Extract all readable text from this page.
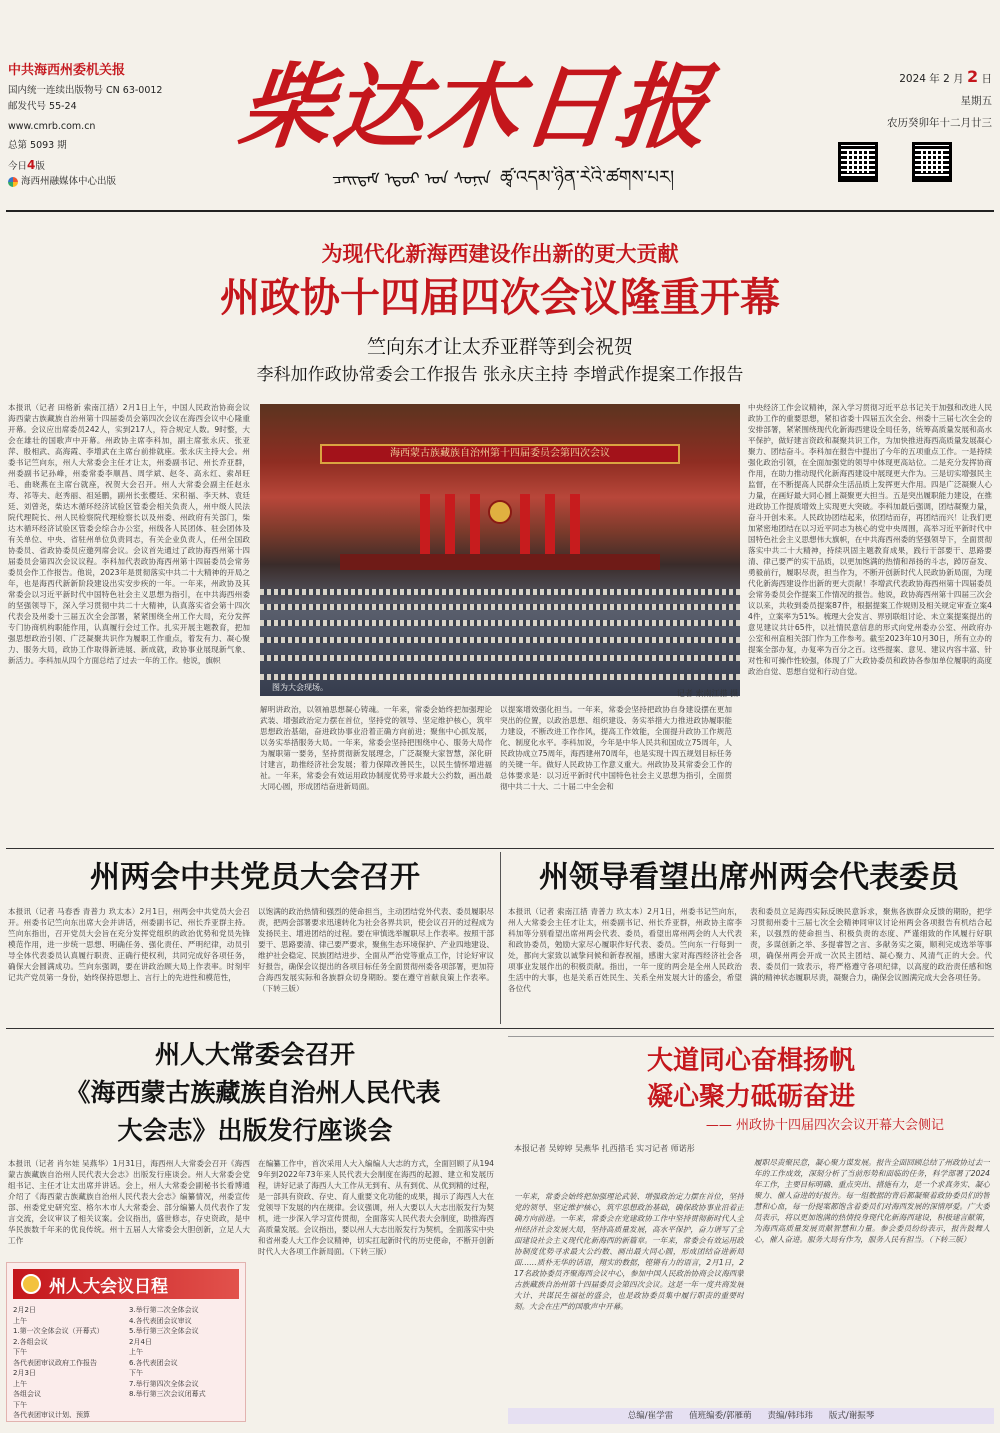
中共海西州委机关报
国内统一连续出版物号 CN 63-0012
邮发代号 55-24
www.cmrb.com.cn
总第 5093 期
今日4版
海西州融媒体中心出版
柴达木日报
ᠴᠠᠢᠳᠠᠮ ᠡᠳᠦᠷ ᠤᠨ ᠰᠣᠨᠢᠨ ཚྭ་འདམ་ཉིན་རེའི་ཚགས་པར།
2024 年 2 月 2 日
星期五
农历癸卯年十二月廿三
为现代化新海西建设作出新的更大贡献
州政协十四届四次会议隆重开幕
竺向东才让太乔亚群等到会祝贺
李科加作政协常委会工作报告 张永庆主持 李增武作提案工作报告
本报讯（记者 田格新 索南江措）2月1日上午，中国人民政治协商会议海西蒙古族藏族自治州第十四届委员会第四次会议在海西会议中心隆重开幕。会议应出席委员242人，实到217人，符合规定人数。9时整，大会在雄壮的国歌声中开幕。州政协主席李科加，副主席张永庆、张亚萍、殷相武、高海霞、李增武在主席台前排就座。张永庆主持大会。州委书记竺向东，州人大常委会主任才让太，州委副书记、州长乔亚群，州委副书记孙峰，州委常委李顺昌、周学斌、赵冬、高永红、索昂旺毛、曲晓燕在主席台就座，祝贺大会召开。州人大常委会副主任赵永寿、祁等夫、赵秀丽、祖延鹏，副州长张樱廷、宋积福、李天林、袁廷廷、刘曾尧，柴达木循环经济试验区管委会相关负责人，州中级人民法院代理院长、州人民检察院代理检察长以及州委、州政府有关部门，柴达木循环经济试验区管委会综合办公室，州级各人民团体、驻会团体及有关单位、中央、省驻州单位负责同志，有关企业负责人，任州全国政协委员、省政协委员应邀列席会议。会议首先通过了政协海西州第十四届委员会第四次会议议程。李科加代表政协海西州第十四届委员会常务委员会作工作报告。他说，2023年是贯彻落实中共二十大精神的开局之年，也是海西代新新阶段建设出实安步疾的一年。一年来，州政协及其常委会以习近平新时代中国特色社会主义思想为指引，在中共海西州委的坚强领导下，深入学习贯彻中共二十大精神，认真落实省会第十四次代表会及州委十三届五次全会部署，紧紧围绕全州工作大局，充分发挥专门协商机构职能作用，认真履行会过工作。扎实开展主题教育，把加强思想政治引领、广泛凝聚共识作为履职工作重点，着发有力、凝心聚力、服务大局，政协工作取得新进展、新成就，政协事业展现新气象、新活力。李科加从四个方面总结了过去一年的工作。他说，旗帜
海西蒙古族藏族自治州第十四届委员会第四次会议
图为大会现场。
记者 索南江措 摄
解明讲政治，以领袖思想凝心铸魂。一年来，常委会始终把加强理论武装、增强政治定力摆在首位，坚持党的领导、坚定维护核心，筑牢思想政治基础，奋进政协事业沿着正确方向前进；聚焦中心抓发展，以务实举措服务大局。一年来，常委会坚持把围绕中心、服务大局作为履职第一要务，坚持贯彻新发展理念，广泛凝聚大家智慧，深化研讨建言，助推经济社会发展；着力保障改善民生，以民生情怀增进福祉。一年来，常委会有效运用政协制度优势寻求最大公约数，画出最大同心圆，形成团结奋进新局面。
以提案增效强化担当。一年来，常委会坚持把政协自身建设摆在更加突出的位置，以政治思想、组织建设、务实举措大力推进政协履职能力建设，不断改进工作作风，提高工作效能，全面提升政协工作规范化、制度化水平。李科加说，今年是中华人民共和国成立75周年，人民政协成立75周年，海西建州70周年，也是实现十四五规划目标任务的关键一年。做好人民政协工作意义重大。州政协及其常委会工作的总体要求是：以习近平新时代中国特色社会主义思想为指引，全面贯彻中共二十大、二十届二中全会和
中央经济工作会议精神，深入学习贯彻习近平总书记关于加强和改进人民政协工作的重要思想，紧扣省委十四届五次全会、州委十三届七次全会的安排部署，紧紧围绕现代化新海西建设全局任务，统筹高质量发展和高水平保护，做好建言资政和凝聚共识工作，为加快推进海西高质量发展凝心聚力、团结奋斗。李科加在报告中提出了今年的五项重点工作。一是持续强化政治引领，在全面加强党的领导中体现更高站位。二是充分发挥协商作用，在助力推动现代化新海西建设中展现更大作为。三是切实增强民主监督，在不断提高人民群众生活品质上发挥更大作用。四是广泛凝聚人心力量，在画好最大同心圆上凝聚更大担当。五是突出履职能力建设，在推进政协工作提质增效上实现更大突破。李科加最后强调，团结凝聚力量，奋斗开创未来。人民政协团结起来，依团结而存，再团结而兴！让我们更加紧密地团结在以习近平同志为核心的党中央周围，高举习近平新时代中国特色社会主义思想伟大旗帜，在中共海西州委的坚强领导下，全面贯彻落实中共二十大精神，持续巩固主题教育成果，践行干部要干、思路要清、律己要严的实干品质，以更加饱满的热情和昂扬的斗志，踔厉奋发、勇毅前行，履职尽责，担当作为，不断开创新时代人民政协新局面，为现代化新海西建设作出新的更大贡献！李增武代表政协海西州第十四届委员会常务委员会作提案工作情况的报告。他说，政协海西州第十四届三次会议以来，共收到委员提案87件，根据提案工作规则及相关规定审查立案44件，立案率为51%。梳理大会发言、界别联组讨论、未立案提案提出的意见建议共计65件，以社情民意信息的形式向党州委办公室、州政府办公室和州直相关部门作为工作参考。截至2023年10月30日，所有立办的提案全部办复，办复率为百分之百。这些提案、意见、建议内容丰富、针对性和可操作性较强，体现了广大政协委员和政协各参加单位履职的高度政治自觉、思想自觉和行动自觉。
州两会中共党员大会召开
本报讯（记者 马春香 青普力 玖太本）2月1日，州两会中共党员大会召开。州委书记竺向东出席大会并讲话，州委副书记、州长乔亚群主持。竺向东指出，召开党员大会旨在充分发挥党组织的政治优势和党员先锋模范作用，进一步统一思想、明确任务、强化责任、严明纪律，动员引导全体代表委员认真履行职责、正确行使权利，共同完成好各项任务，确保大会圆满成功。竺向东强调，要在讲政治顾大局上作表率。时刻牢记共产党员第一身份，始终保持思想上、言行上的先进性和模范性，
以饱满的政治热情和强烈的使命担当，主动团结党外代表、委员履职尽责，把两会部署要求迅速转化为社会各界共识，使会议召开的过程成为发扬民主、增进团结的过程。要在审慎选举履职尽上作表率。按照干部要干、思路要清、律己要严要求，聚焦生态环境保护、产业四地建设、维护社会稳定、民族团结进步、全面从严治党等重点工作，讨论好审议好报告，确保会议提出的各项目标任务全面贯彻州委各项部署，更加符合海西发展实际和各族群众切身期盼。要在遵守首献良策上作表率。（下转三版）
州领导看望出席州两会代表委员
本报讯（记者 索南江措 青普力 玖太本）2月1日，州委书记竺向东，州人大常委会主任才让太，州委副书记、州长乔亚群，州政协主席李科加等分别看望出席州两会代表、委员，看望出席州两会的人大代表和政协委员，勉励大家尽心履职作好代表、委员。竺向东一行每到一处，都向大家致以诚挚问候和新春祝福，感谢大家对海西经济社会各项事业发展作出的积极贡献。指出，一年一度的两会是全州人民政治生活中的大事，也是关系百姓民生、关系全州发展大计的盛会，希望各位代
表和委员立足海西实际反映民意诉求，聚焦各族群众反馈的期盼，把学习贯彻州委十三届七次全会精神同审议讨论州两会各项报告有机结合起来，以强烈的使命担当、积极负责的态度、严谨细致的作风履行好职责，多谋创新之举、多提睿智之言、多献务实之策，顺利完成选举等事项，确保州两会开成一次民主团结、凝心聚力、风清气正的大会。代表、委员们一致表示，将严格遵守各项纪律，以高度的政治责任感和饱满的精神状态履职尽责，凝聚合力，确保会议圆满完成大会各项任务。
州人大常委会召开
《海西蒙古族藏族自治州人民代表
大会志》出版发行座谈会
本报讯（记者 肖尔娃 吴燕华）1月31日，海西州人大常委会召开《海西蒙古族藏族自治州人民代表大会志》出版发行座谈会。州人大常委会党组书记、主任才让太出席并讲话。会上，州人大常委会副秘书长看博通介绍了《海西蒙古族藏族自治州人民代表大会志》编纂情况，州委宣传部、州委党史研究室、格尔木市人大常委会、部分编纂人员代表作了发言交流，会议审议了相关议案。会议指出，盛世修志，存史资政，是中华民族数千年来的优良传统。州十五届人大常委会大胆创新，立足人大工作
在编纂工作中，首次采用人大入编编人大志的方式，全面回顾了从1949年到2022年73年来人民代表大会制度在海西的起源、建立和发展历程，讲好记录了海西人大工作从无到有、从有到优、从优到精的过程，是一部具有资政、存史、育人重要文化功能的成果，揭示了海西人大在党领导下发展的内在规律。会议强调，州人大要以人大志出版发行为契机，进一步深入学习宣传贯彻，全面落实人民代表大会制度，助推海西高质量发展。会议指出，要以州人大志出版发行为契机，全面落实中央和省州委人大工作会议精神，切实扛起新时代的历史使命，不断开创新时代人大各项工作新局面。（下转三版）
州人大会议日程
2月2日
上午
1.第一次全体会议（开幕式）
2.各组会议
下午
各代表团审议政府工作报告
2月3日
上午
各组会议
下午
各代表团审议计划、预算
3.举行第二次全体会议
4.各代表团会议审议
5.举行第三次全体会议
2月4日
上午
6.各代表团会议
下午
7.举行第四次全体会议
8.举行第三次会议闭幕式
大道同心奋楫扬帆
凝心聚力砥砺奋进
—— 州政协十四届四次会议开幕大会侧记
本报记者 吴婷婷 吴燕华 扎西措毛 实习记者 师诺彤
一年来，常委会始终把加强理论武装、增强政治定力摆在首位，坚持党的领导、坚定维护核心，筑牢思想政治基础，确保政协事业沿着正确方向前进。一年来，常委会在党建政协工作中坚持贯彻新时代人全州经济社会发展大局，坚持高质量发展，高水平保护，奋力谱写了全面建设社会主义现代化新海西的新篇章。一年来，常委会有效运用政协制度优势寻求最大公约数、画出最大同心圆，形成团结奋进新局面……质朴无华的话语，翔实的数据，铿锵有力的语言，2月1日，217名政协委员齐聚海西会议中心，参加中国人民政治协商会议海西蒙古族藏族自治州第十四届委员会第四次会议。这是一年一度共商发展大计、共谋民生福祉的盛会，也是政协委员集中履行职责的重要时刻。大会在庄严的国歌声中开幕。
履职尽责聚民意，凝心聚力谋发展。报告全面回顾总结了州政协过去一年的工作成效，深刻分析了当前形势和面临的任务，科学部署了2024年工作，主要目标明确、重点突出、措施有力，是一个求真务实、凝心聚力、催人奋进的好报告。每一组数据的背后都凝聚着政协委员们的智慧和心血，每一份提案都饱含着委员们对海西发展的深情厚爱。广大委员表示，将以更加饱满的热情投身现代化新海西建设，积极建言献策，为海西高质量发展贡献智慧和力量。参会委员纷纷表示，报告鼓舞人心，催人奋进。服务大局有作为，服务人民有担当。（下转三版）
总编/崔学雷 值班编委/郭雁萌 责编/韩玮玮 版式/谢振琴
